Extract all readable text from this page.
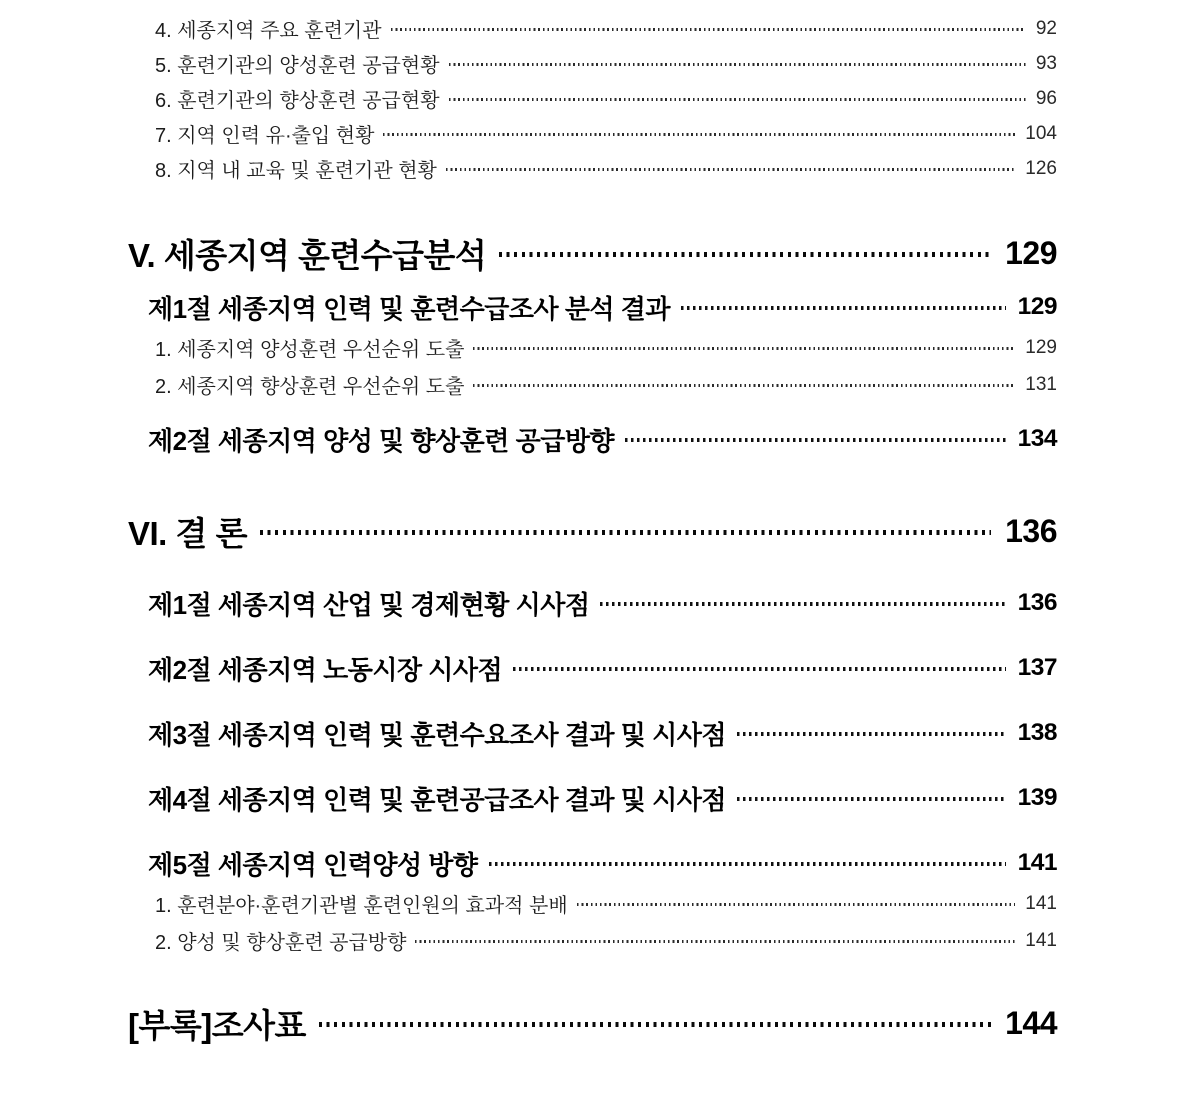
4. 세종지역 주요 훈련기관	92
5. 훈련기관의 양성훈련 공급현황	93
6. 훈련기관의 향상훈련 공급현황	96
7. 지역 인력 유·출입 현황	104
8. 지역 내 교육 및 훈련기관 현황	126
V. 세종지역 훈련수급분석	129
제1절 세종지역 인력 및 훈련수급조사 분석 결과	129
1. 세종지역 양성훈련 우선순위 도출	129
2. 세종지역 향상훈련 우선순위 도출	131
제2절 세종지역 양성 및 향상훈련 공급방향	134
VI. 결 론	136
제1절 세종지역 산업 및 경제현황 시사점	136
제2절 세종지역 노동시장 시사점	137
제3절 세종지역 인력 및 훈련수요조사 결과 및 시사점	138
제4절 세종지역 인력 및 훈련공급조사 결과 및 시사점	139
제5절 세종지역 인력양성 방향	141
1. 훈련분야·훈련기관별 훈련인원의 효과적 분배	141
2. 양성 및 향상훈련 공급방향	141
[부록]조사표	144
